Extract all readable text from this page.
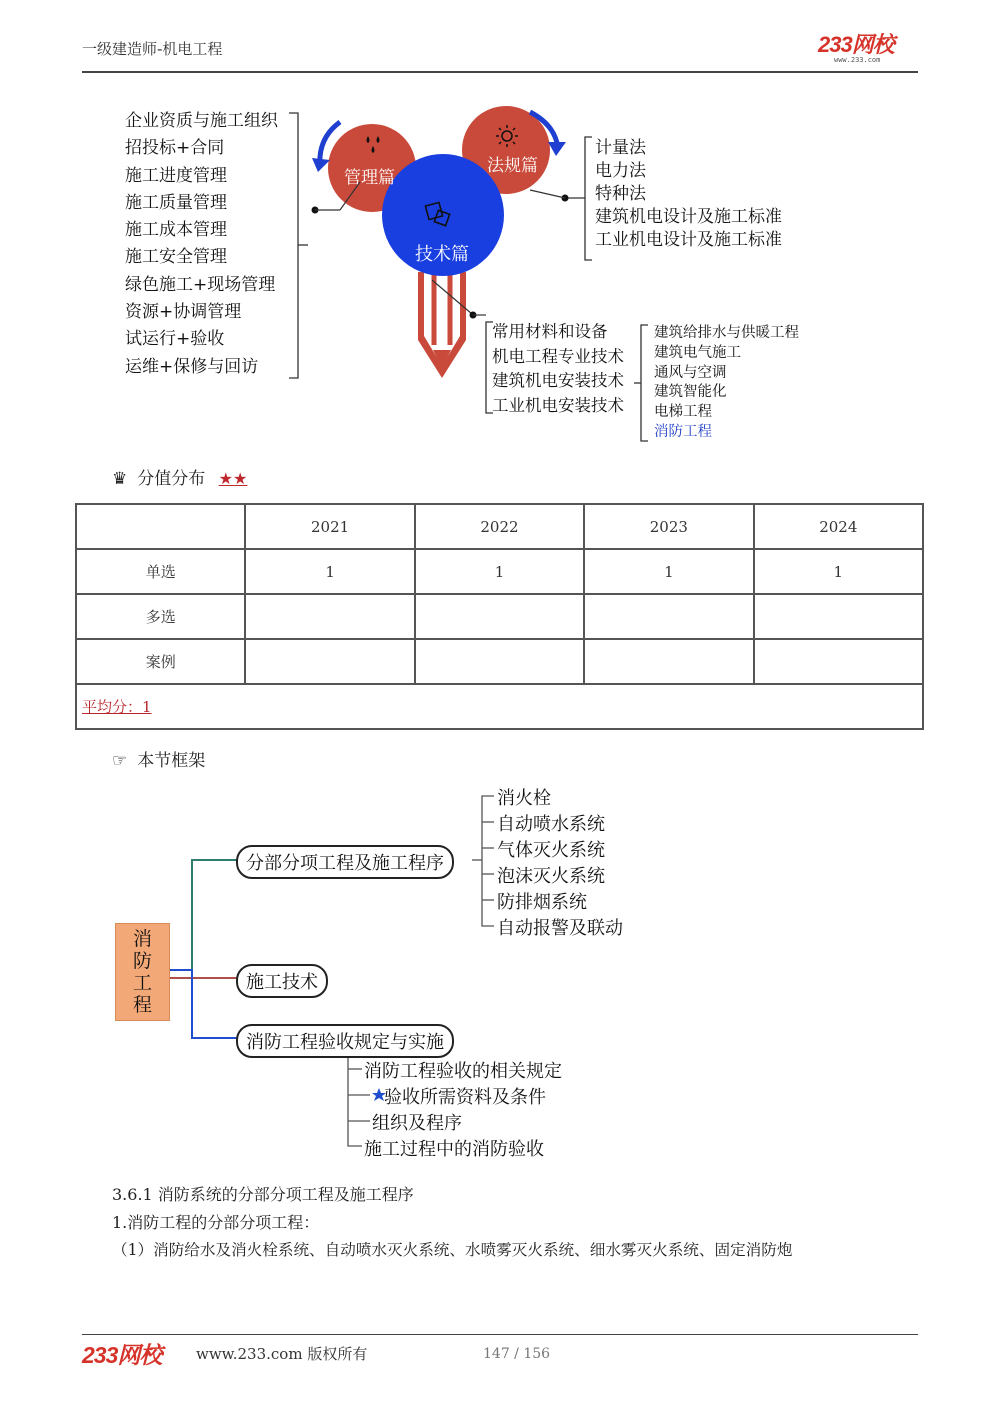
一级建造师-机电工程	233网校
www.233.com
企业资质与施工组织
招投标+合同
施工进度管理
施工质量管理
施工成本管理
施工安全管理
绿色施工+现场管理
资源+协调管理
试运行+验收
运维+保修与回访
管理篇
法规篇
技术篇
计量法
电力法
特种法
建筑机电设计及施工标准
工业机电设计及施工标准
常用材料和设备
机电工程专业技术
建筑机电安装技术
工业机电安装技术
建筑给排水与供暖工程
建筑电气施工
通风与空调
建筑智能化
电梯工程
消防工程
♛ 分值分布 ★★
	2021	2022	2023	2024
单选	1	1	1	1
多选				
案例				
平均分：1				
☞ 本节框架
消防工程
分部分项工程及施工程序
施工技术
消防工程验收规定与实施
消火栓
自动喷水系统
气体灭火系统
泡沫灭火系统
防排烟系统
自动报警及联动
消防工程验收的相关规定
验收所需资料及条件
组织及程序
施工过程中的消防验收
3.6.1 消防系统的分部分项工程及施工程序
1.消防工程的分部分项工程：
（1）消防给水及消火栓系统、自动喷水灭火系统、水喷雾灭火系统、细水雾灭火系统、固定消防炮
233网校 www.233.com 版权所有	147 / 156
